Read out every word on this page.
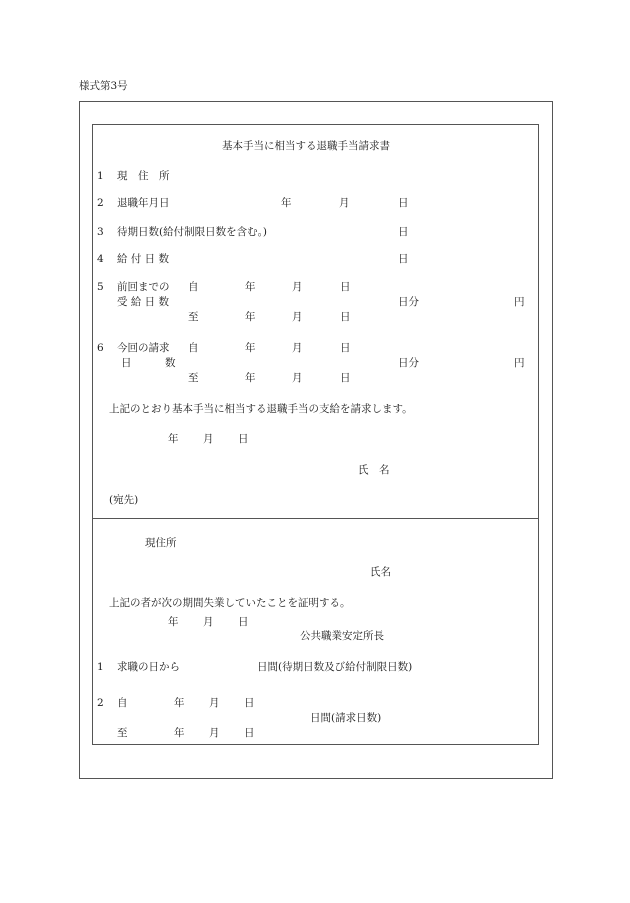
様式第3号
基本手当に相当する退職手当請求書
1 現　住　所
2 退職年月日	年	月	日
3 待期日数(給付制限日数を含む。)	日
4 給 付 日 数	日
5 前回までの
受 給 日 数
自	年	月	日
日分	円
至	年	月	日
6 今回の請求
日	数
自	年	月	日
日分	円
至	年	月	日
上記のとおり基本手当に相当する退職手当の支給を請求します。
年 月 日
氏　名
(宛先)
現住所
氏名
上記の者が次の期間失業していたことを証明する。
年 月 日
公共職業安定所長
1 求職の日から	日間(待期日数及び給付制限日数)
2 自	年 月 日
日間(請求日数)
至	年 月 日
